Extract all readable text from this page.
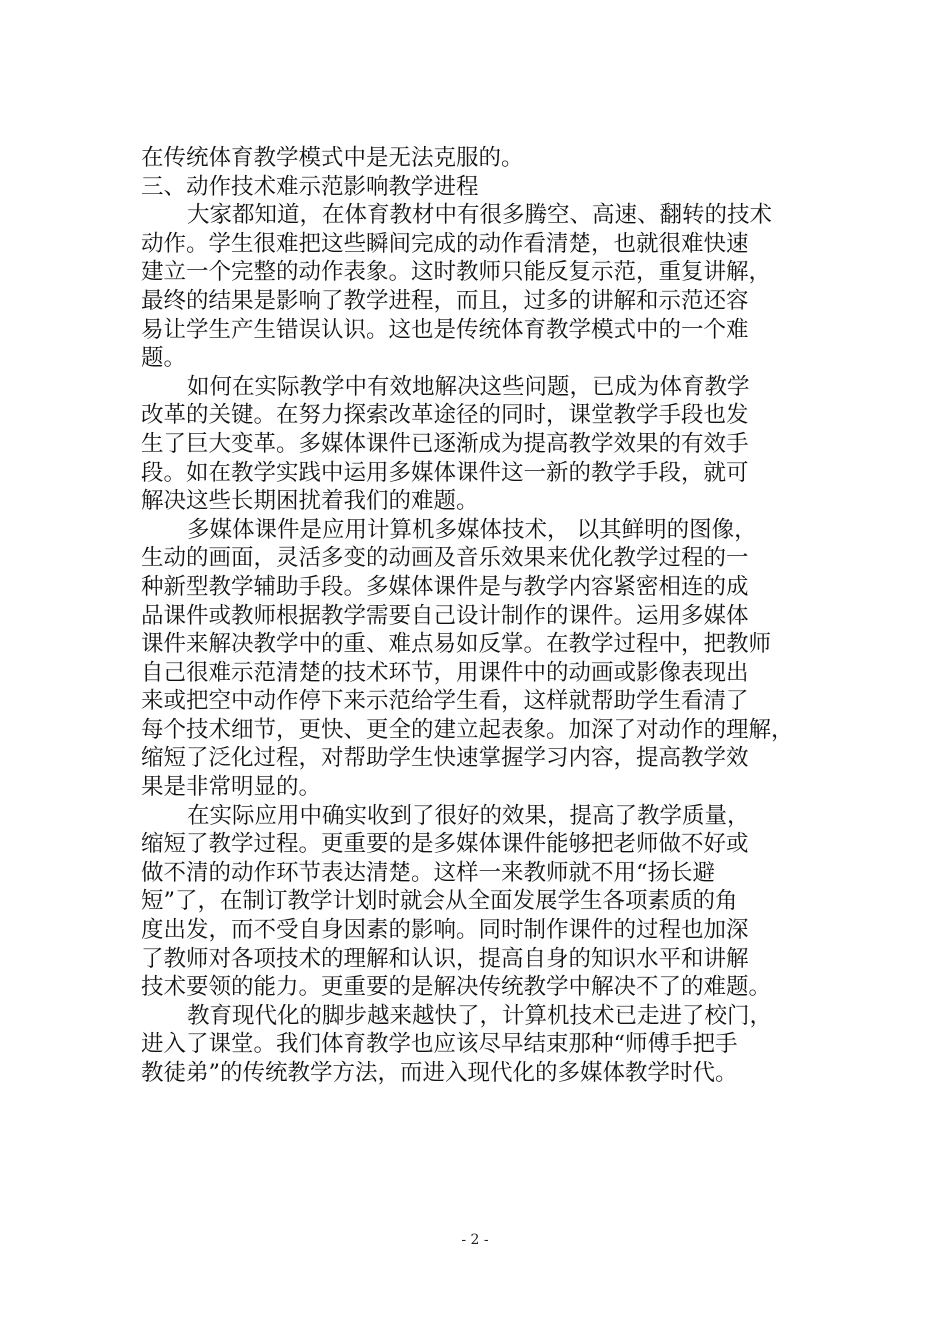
在传统体育教学模式中是无法克服的。
三、动作技术难示范影响教学进程
大家都知道，在体育教材中有很多腾空、高速、翻转的技术
动作。学生很难把这些瞬间完成的动作看清楚，也就很难快速
建立一个完整的动作表象。这时教师只能反复示范，重复讲解，
最终的结果是影响了教学进程，而且，过多的讲解和示范还容
易让学生产生错误认识。这也是传统体育教学模式中的一个难
题。
如何在实际教学中有效地解决这些问题，已成为体育教学
改革的关键。在努力探索改革途径的同时，课堂教学手段也发
生了巨大变革。多媒体课件已逐渐成为提高教学效果的有效手
段。如在教学实践中运用多媒体课件这一新的教学手段，就可
解决这些长期困扰着我们的难题。
多媒体课件是应用计算机多媒体技术， 以其鲜明的图像，
生动的画面，灵活多变的动画及音乐效果来优化教学过程的一
种新型教学辅助手段。多媒体课件是与教学内容紧密相连的成
品课件或教师根据教学需要自己设计制作的课件。运用多媒体
课件来解决教学中的重、难点易如反掌。在教学过程中，把教师
自己很难示范清楚的技术环节，用课件中的动画或影像表现出
来或把空中动作停下来示范给学生看，这样就帮助学生看清了
每个技术细节，更快、更全的建立起表象。加深了对动作的理解，
缩短了泛化过程，对帮助学生快速掌握学习内容，提高教学效
果是非常明显的。
在实际应用中确实收到了很好的效果，提高了教学质量，
缩短了教学过程。更重要的是多媒体课件能够把老师做不好或
做不清的动作环节表达清楚。这样一来教师就不用“扬长避
短”了，在制订教学计划时就会从全面发展学生各项素质的角
度出发，而不受自身因素的影响。同时制作课件的过程也加深
了教师对各项技术的理解和认识，提高自身的知识水平和讲解
技术要领的能力。更重要的是解决传统教学中解决不了的难题。
教育现代化的脚步越来越快了，计算机技术已走进了校门，
进入了课堂。我们体育教学也应该尽早结束那种“师傅手把手
教徒弟”的传统教学方法，而进入现代化的多媒体教学时代。
- 2 -
